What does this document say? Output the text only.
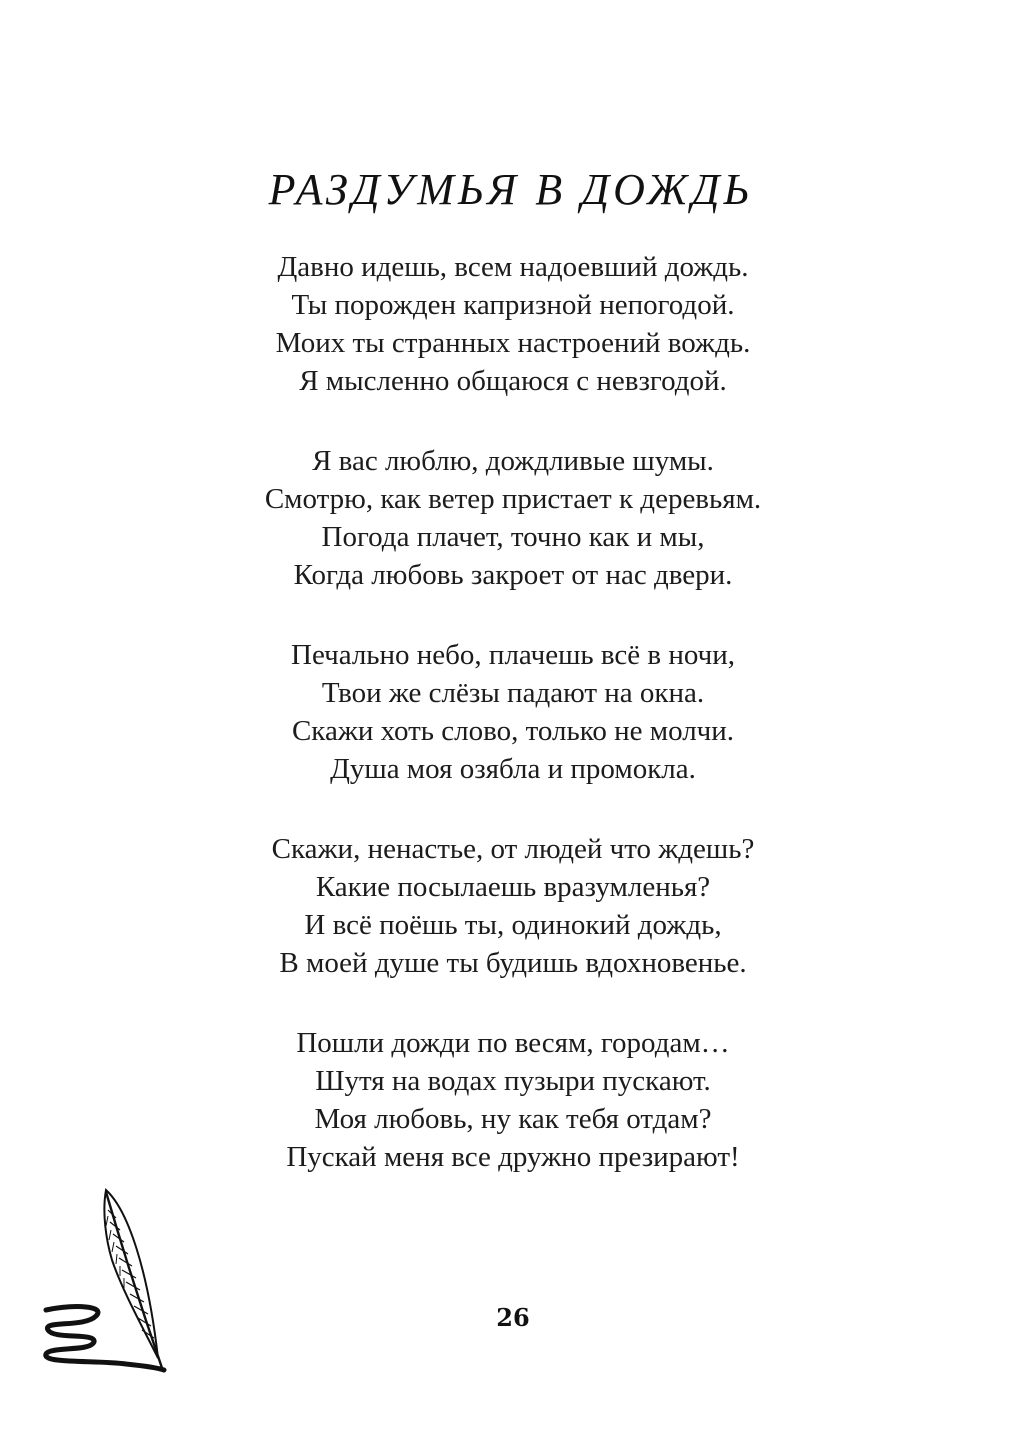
РАЗДУМЬЯ В ДОЖДЬ
Давно идешь, всем надоевший дождь.
Ты порожден капризной непогодой.
Моих ты странных настроений вождь.
Я мысленно общаюся с невзгодой.
Я вас люблю, дождливые шумы.
Смотрю, как ветер пристает к деревьям.
Погода плачет, точно как и мы,
Когда любовь закроет от нас двери.
Печально небо, плачешь всё в ночи,
Твои же слёзы падают на окна.
Скажи хоть слово, только не молчи.
Душа моя озябла и промокла.
Скажи, ненастье, от людей что ждешь?
Какие посылаешь вразумленья?
И всё поёшь ты, одинокий дождь,
В моей душе ты будишь вдохновенье.
Пошли дожди по весям, городам…
Шутя на водах пузыри пускают.
Моя любовь, ну как тебя отдам?
Пускай меня все дружно презирают!
26
